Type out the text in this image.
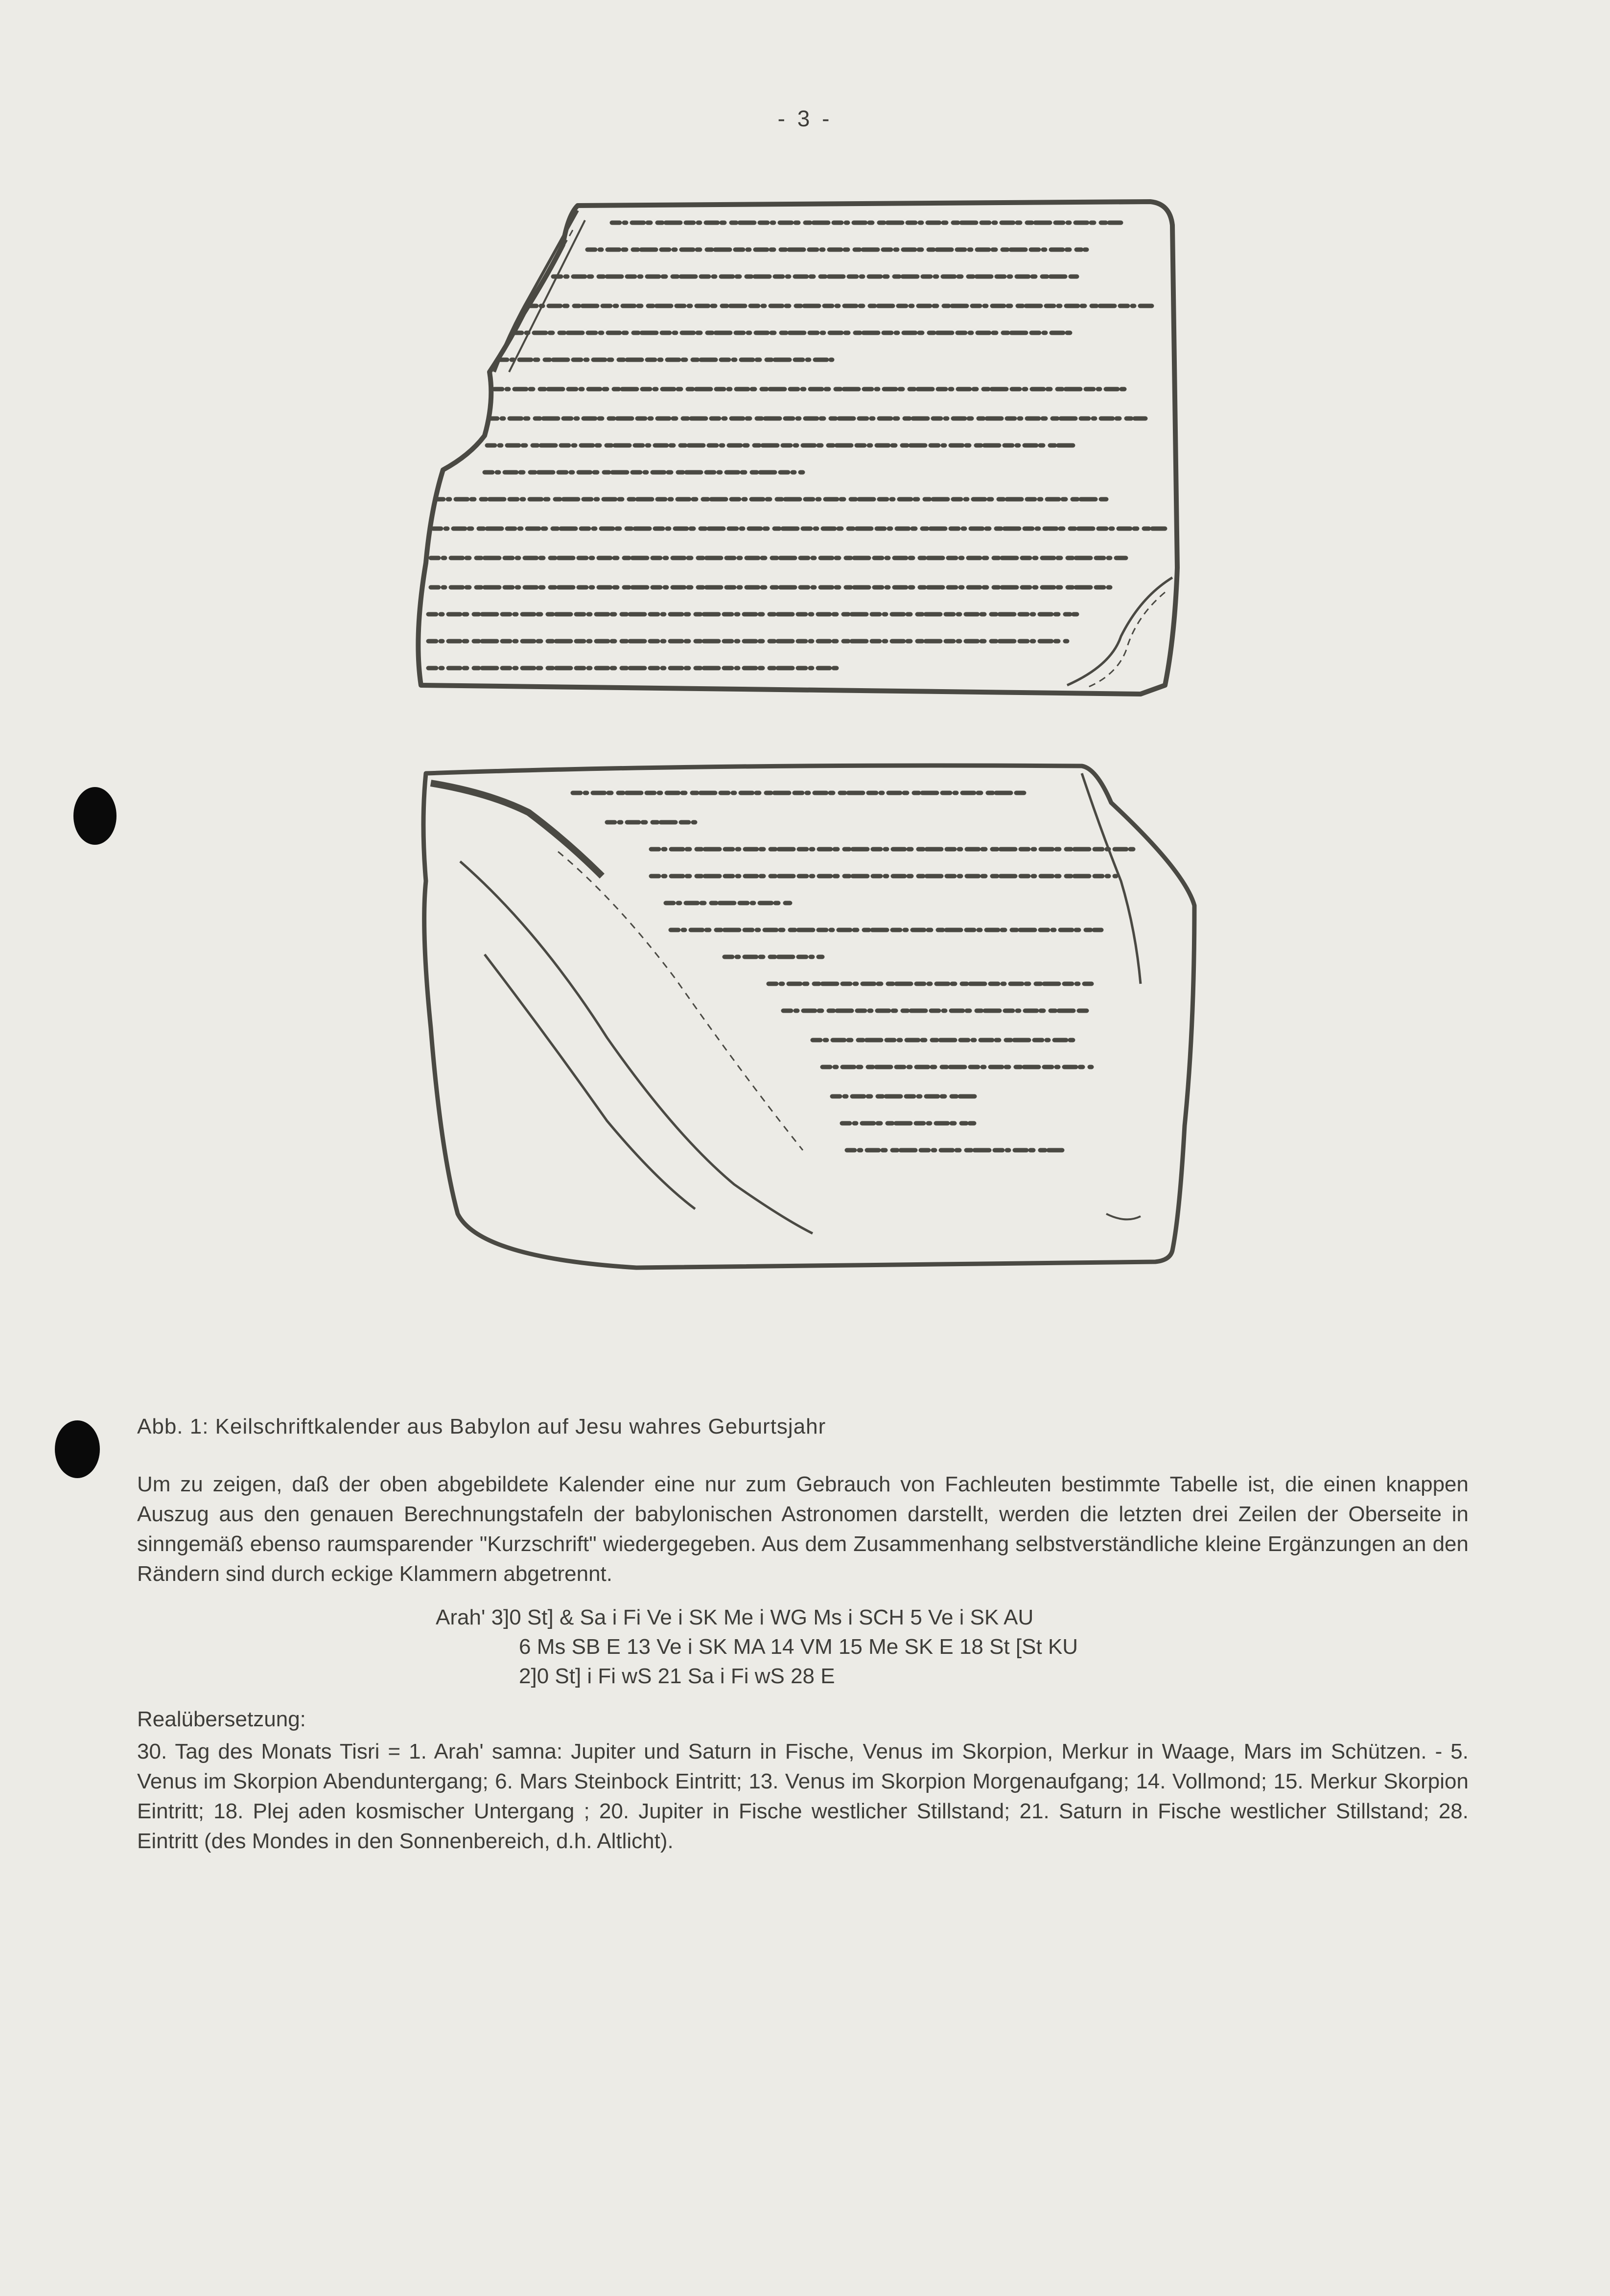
- 3 -
Abb. 1: Keilschriftkalender aus Babylon auf Jesu wahres Geburtsjahr
Um zu zeigen, daß der oben abgebildete Kalender eine nur zum Gebrauch von Fachleuten bestimmte Tabelle ist, die einen knappen Auszug aus den genauen Berechnungstafeln der babylonischen Astronomen darstellt, werden die letzten drei Zeilen der Oberseite in sinngemäß ebenso raumsparender "Kurzschrift" wiedergegeben. Aus dem Zusammenhang selbstverständliche kleine Ergänzungen an den Rändern sind durch eckige Klammern abgetrennt.
Arah' 3]0 St] & Sa i Fi Ve i SK Me i WG Ms i SCH 5 Ve i SK AU
6 Ms SB E 13 Ve i SK MA 14 VM 15 Me SK E 18 St [St KU
2]0 St] i Fi wS 21 Sa i Fi wS 28 E
Realübersetzung:
30. Tag des Monats Tisri = 1. Arah' samna: Jupiter und Saturn in Fische, Venus im Skorpion, Merkur in Waage, Mars im Schützen. - 5. Venus im Skorpion Abenduntergang; 6. Mars Steinbock Eintritt; 13. Venus im Skorpion Morgenaufgang; 14. Vollmond; 15. Merkur Skorpion Eintritt; 18. Plej aden kosmischer Untergang ; 20. Jupiter in Fische westlicher Stillstand; 21. Saturn in Fische westlicher Stillstand; 28. Eintritt (des Mondes in den Sonnenbereich, d.h. Altlicht).
